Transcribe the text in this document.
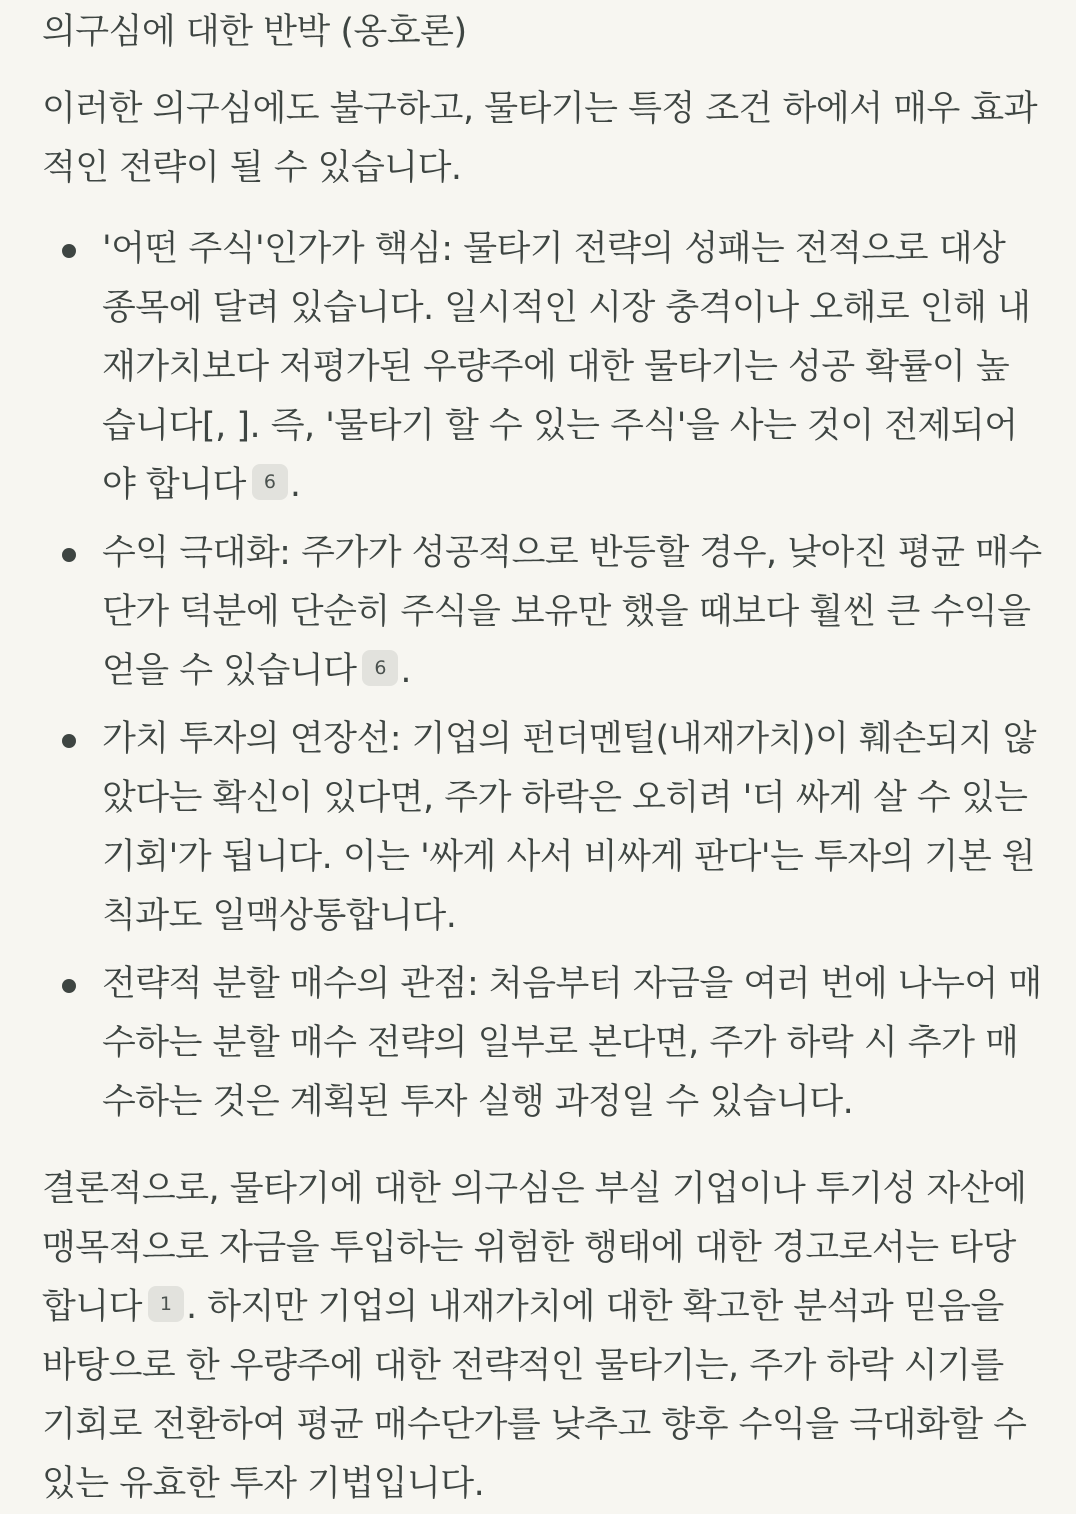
의구심에 대한 반박 (옹호론)

이러한 의구심에도 불구하고, 물타기는 특정 조건 하에서 매우 효과적인 전략이 될 수 있습니다.

'어떤 주식'인가가 핵심: 물타기 전략의 성패는 전적으로 대상 종목에 달려 있습니다. 일시적인 시장 충격이나 오해로 인해 내재가치보다 저평가된 우량주에 대한 물타기는 성공 확률이 높습니다[, ]. 즉, '물타기 할 수 있는 주식'을 사는 것이 전제되어야 합니다 6 .
수익 극대화: 주가가 성공적으로 반등할 경우, 낮아진 평균 매수단가 덕분에 단순히 주식을 보유만 했을 때보다 훨씬 큰 수익을 얻을 수 있습니다 6 .
가치 투자의 연장선: 기업의 펀더멘털(내재가치)이 훼손되지 않았다는 확신이 있다면, 주가 하락은 오히려 '더 싸게 살 수 있는 기회'가 됩니다. 이는 '싸게 사서 비싸게 판다'는 투자의 기본 원칙과도 일맥상통합니다.
전략적 분할 매수의 관점: 처음부터 자금을 여러 번에 나누어 매수하는 분할 매수 전략의 일부로 본다면, 주가 하락 시 추가 매수하는 것은 계획된 투자 실행 과정일 수 있습니다.

결론적으로, 물타기에 대한 의구심은 부실 기업이나 투기성 자산에 맹목적으로 자금을 투입하는 위험한 행태에 대한 경고로서는 타당합니다 1 . 하지만 기업의 내재가치에 대한 확고한 분석과 믿음을 바탕으로 한 우량주에 대한 전략적인 물타기는, 주가 하락 시기를 기회로 전환하여 평균 매수단가를 낮추고 향후 수익을 극대화할 수 있는 유효한 투자 기법입니다.
